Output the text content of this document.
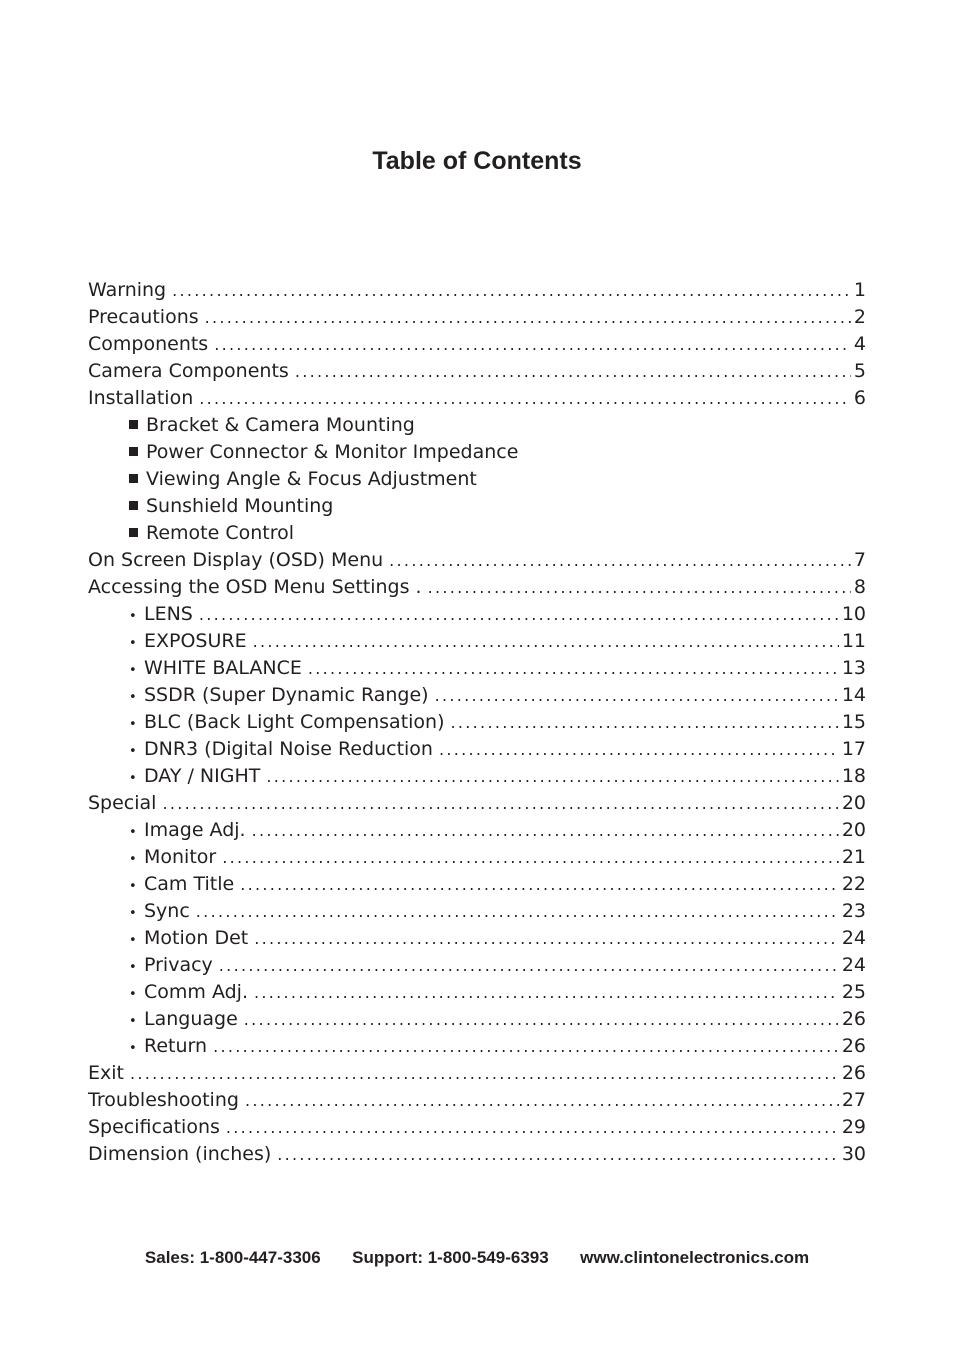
Table of Contents
Warning .....	1
Precautions .....	2
Components .....	4
Camera Components .....	5
Installation .....	6
Bracket & Camera Mounting
Power Connector & Monitor Impedance
Viewing Angle & Focus Adjustment
Sunshield Mounting
Remote Control
On Screen Display (OSD) Menu .....	7
Accessing the OSD Menu Settings . .....	8
• LENS .....	10
• EXPOSURE .....	11
• WHITE BALANCE .....	13
• SSDR (Super Dynamic Range) .....	14
• BLC (Back Light Compensation) .....	15
• DNR3 (Digital Noise Reduction .....	17
• DAY / NIGHT .....	18
Special .....	20
• Image Adj. .....	20
• Monitor .....	21
• Cam Title .....	22
• Sync .....	23
• Motion Det .....	24
• Privacy .....	24
• Comm Adj. .....	25
• Language .....	26
• Return .....	26
Exit .....	26
Troubleshooting .....	27
Specifications .....	29
Dimension (inches) .....	30
Sales: 1-800-447-3306 Support: 1-800-549-6393 www.clintonelectronics.com
